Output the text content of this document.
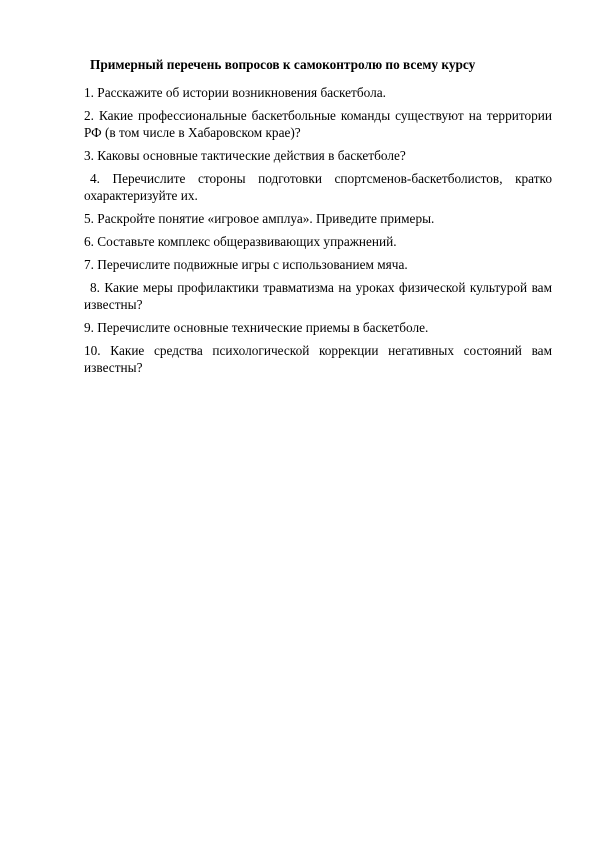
Примерный перечень вопросов к самоконтролю по всему курсу

1. Расскажите об истории возникновения баскетбола.

2. Какие профессиональные баскетбольные команды существуют на территории РФ (в том числе в Хабаровском крае)?

3. Каковы основные тактические действия в баскетболе?

4. Перечислите стороны подготовки спортсменов-баскетболистов, кратко охарактеризуйте их.

5. Раскройте понятие «игровое амплуа». Приведите примеры.

6. Составьте комплекс общеразвивающих упражнений.

7. Перечислите подвижные игры с использованием мяча.

8. Какие меры профилактики травматизма на уроках физической культурой вам известны?

9. Перечислите основные технические приемы в баскетболе.

10. Какие средства психологической коррекции негативных состояний вам известны?
